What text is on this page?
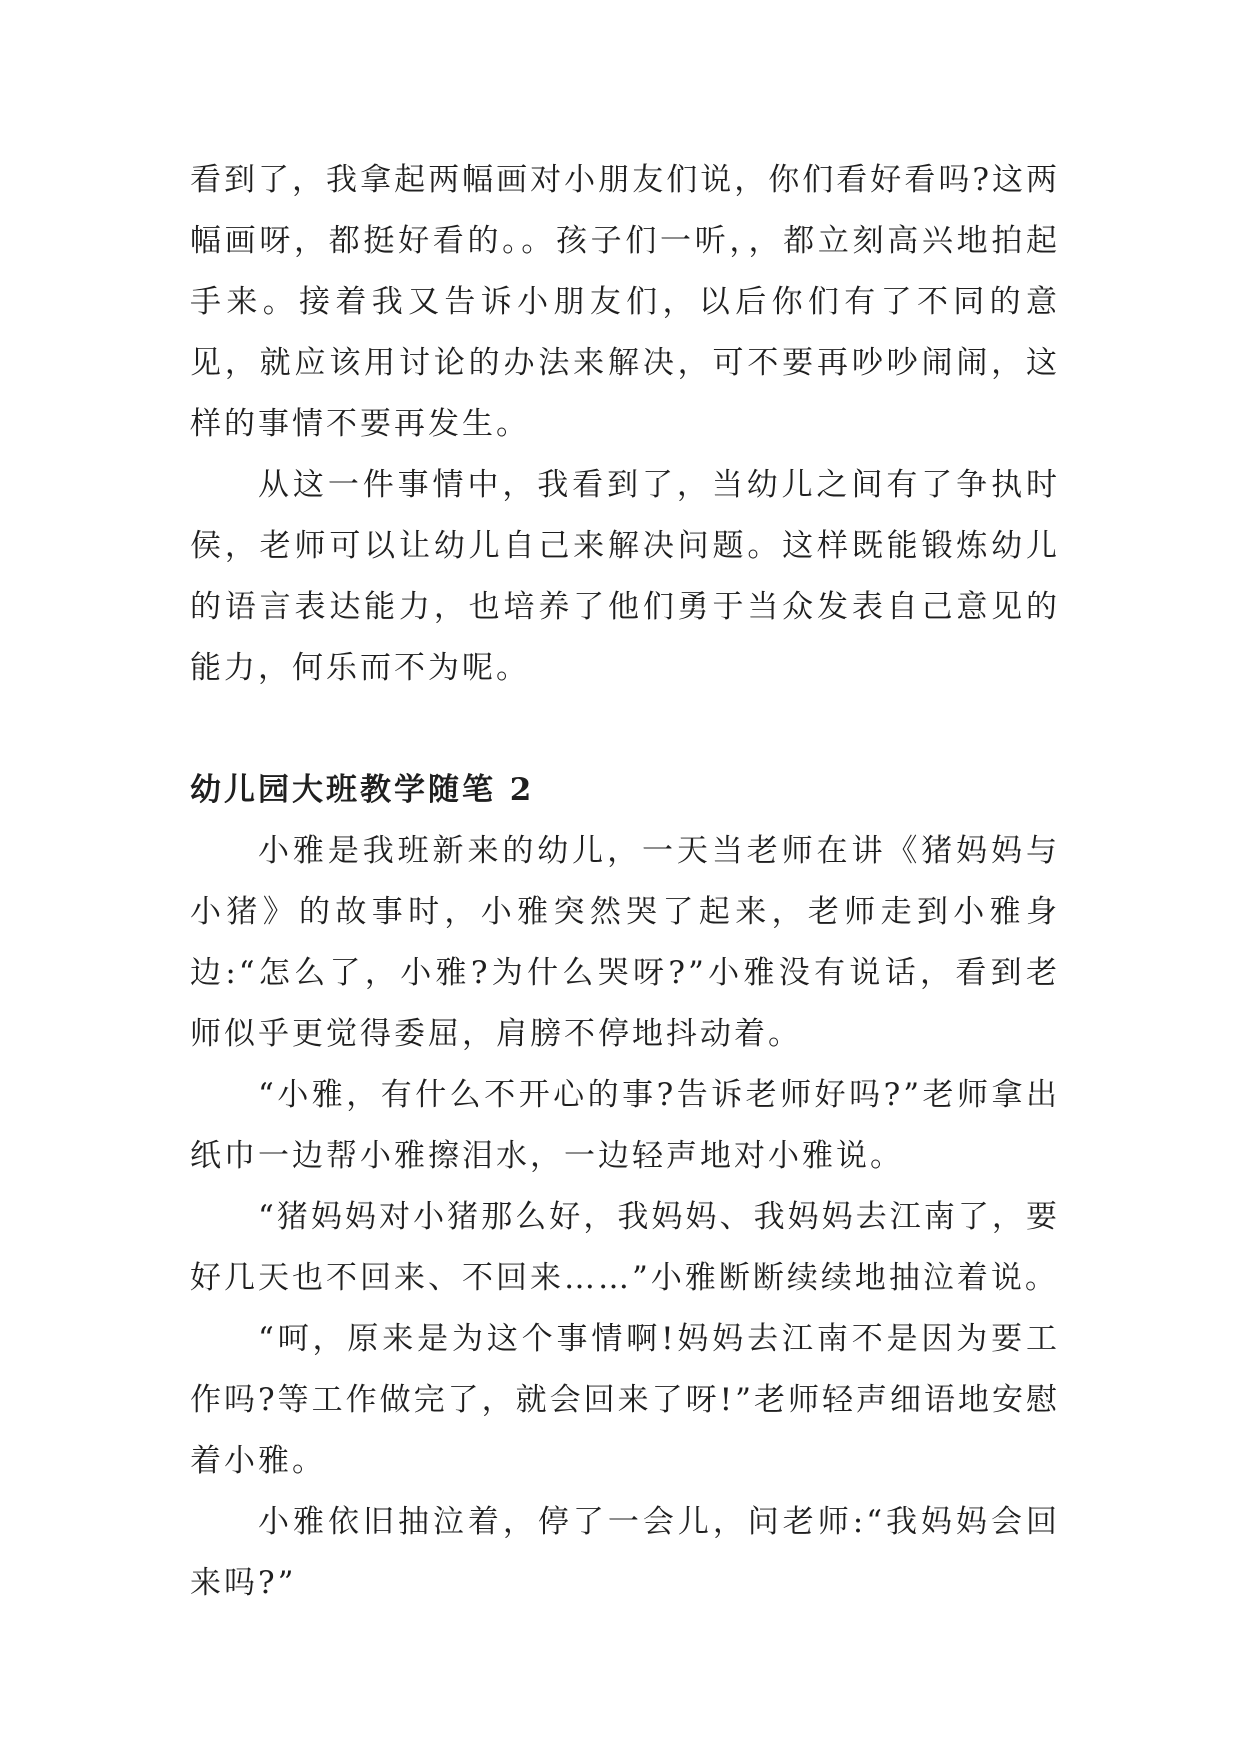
看到了，我拿起两幅画对小朋友们说，你们看好看吗?这两幅画呀，都挺好看的。。孩子们一听，，都立刻高兴地拍起手来。接着我又告诉小朋友们，以后你们有了不同的意见，就应该用讨论的办法来解决，可不要再吵吵闹闹，这样的事情不要再发生。

从这一件事情中，我看到了，当幼儿之间有了争执时侯，老师可以让幼儿自己来解决问题。这样既能锻炼幼儿的语言表达能力，也培养了他们勇于当众发表自己意见的能力，何乐而不为呢。

幼儿园大班教学随笔 2

小雅是我班新来的幼儿，一天当老师在讲《猪妈妈与小猪》的故事时，小雅突然哭了起来，老师走到小雅身边:“怎么了，小雅?为什么哭呀?”小雅没有说话，看到老师似乎更觉得委屈，肩膀不停地抖动着。

“小雅，有什么不开心的事?告诉老师好吗?”老师拿出纸巾一边帮小雅擦泪水，一边轻声地对小雅说。

“猪妈妈对小猪那么好，我妈妈、我妈妈去江南了，要好几天也不回来、不回来……”小雅断断续续地抽泣着说。

“呵，原来是为这个事情啊!妈妈去江南不是因为要工作吗?等工作做完了，就会回来了呀!”老师轻声细语地安慰着小雅。

小雅依旧抽泣着，停了一会儿，问老师:“我妈妈会回来吗?”
